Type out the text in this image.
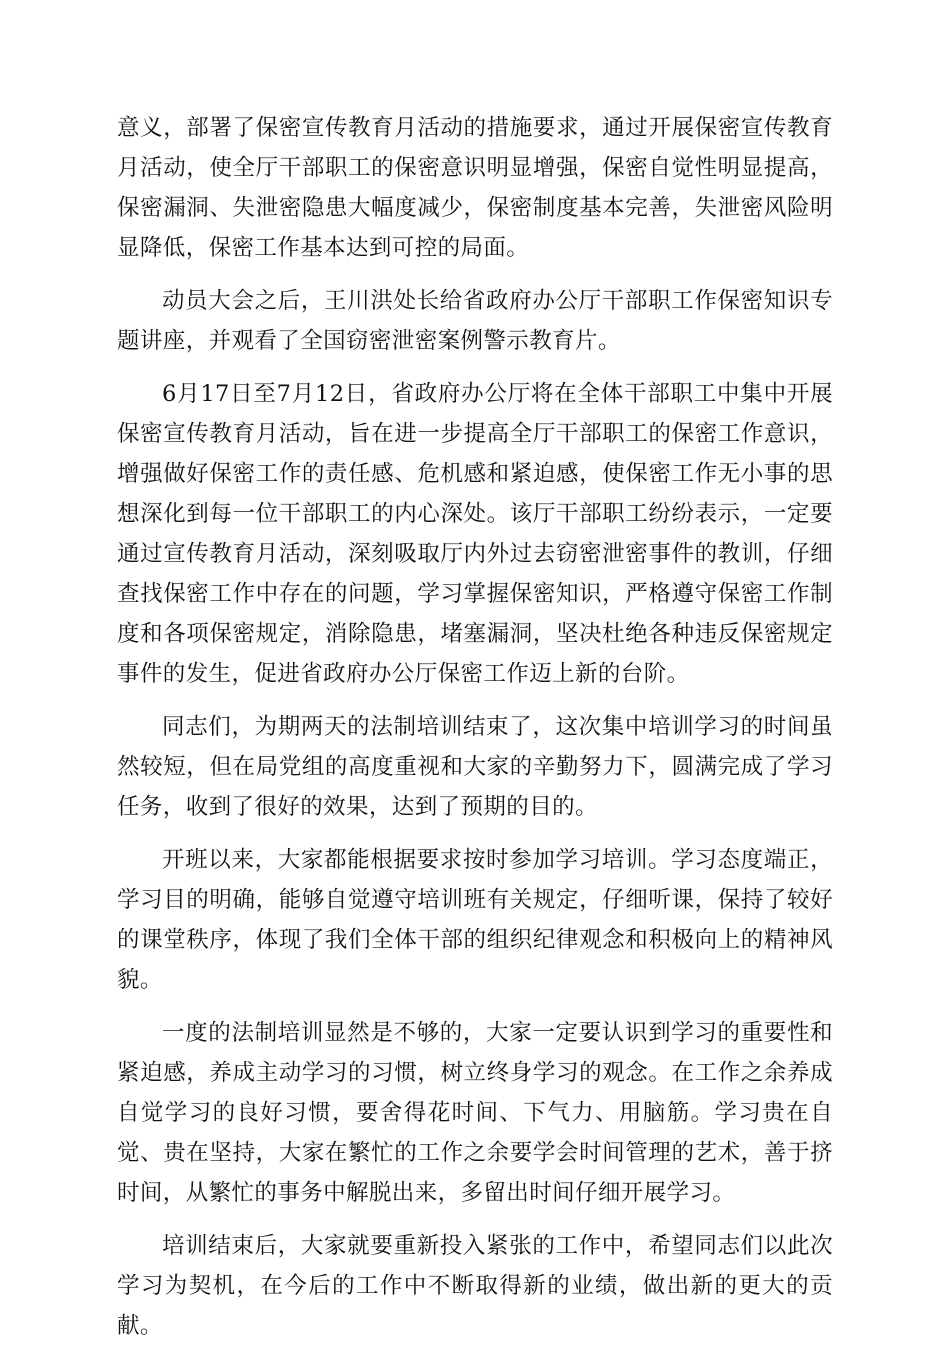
意义，部署了保密宣传教育月活动的措施要求，通过开展保密宣传教育月活动，使全厅干部职工的保密意识明显增强，保密自觉性明显提高，保密漏洞、失泄密隐患大幅度减少，保密制度基本完善，失泄密风险明显降低，保密工作基本达到可控的局面。

动员大会之后，王川洪处长给省政府办公厅干部职工作保密知识专题讲座，并观看了全国窃密泄密案例警示教育片。

6月17日至7月12日，省政府办公厅将在全体干部职工中集中开展保密宣传教育月活动，旨在进一步提高全厅干部职工的保密工作意识，增强做好保密工作的责任感、危机感和紧迫感，使保密工作无小事的思想深化到每一位干部职工的内心深处。该厅干部职工纷纷表示，一定要通过宣传教育月活动，深刻吸取厅内外过去窃密泄密事件的教训，仔细查找保密工作中存在的问题，学习掌握保密知识，严格遵守保密工作制度和各项保密规定，消除隐患，堵塞漏洞，坚决杜绝各种违反保密规定事件的发生，促进省政府办公厅保密工作迈上新的台阶。

同志们，为期两天的法制培训结束了，这次集中培训学习的时间虽然较短，但在局党组的高度重视和大家的辛勤努力下，圆满完成了学习任务，收到了很好的效果，达到了预期的目的。

开班以来，大家都能根据要求按时参加学习培训。学习态度端正，学习目的明确，能够自觉遵守培训班有关规定，仔细听课，保持了较好的课堂秩序，体现了我们全体干部的组织纪律观念和积极向上的精神风貌。

一度的法制培训显然是不够的，大家一定要认识到学习的重要性和紧迫感，养成主动学习的习惯，树立终身学习的观念。在工作之余养成自觉学习的良好习惯，要舍得花时间、下气力、用脑筋。学习贵在自觉、贵在坚持，大家在繁忙的工作之余要学会时间管理的艺术，善于挤时间，从繁忙的事务中解脱出来，多留出时间仔细开展学习。

培训结束后，大家就要重新投入紧张的工作中，希望同志们以此次学习为契机，在今后的工作中不断取得新的业绩，做出新的更大的贡献。
